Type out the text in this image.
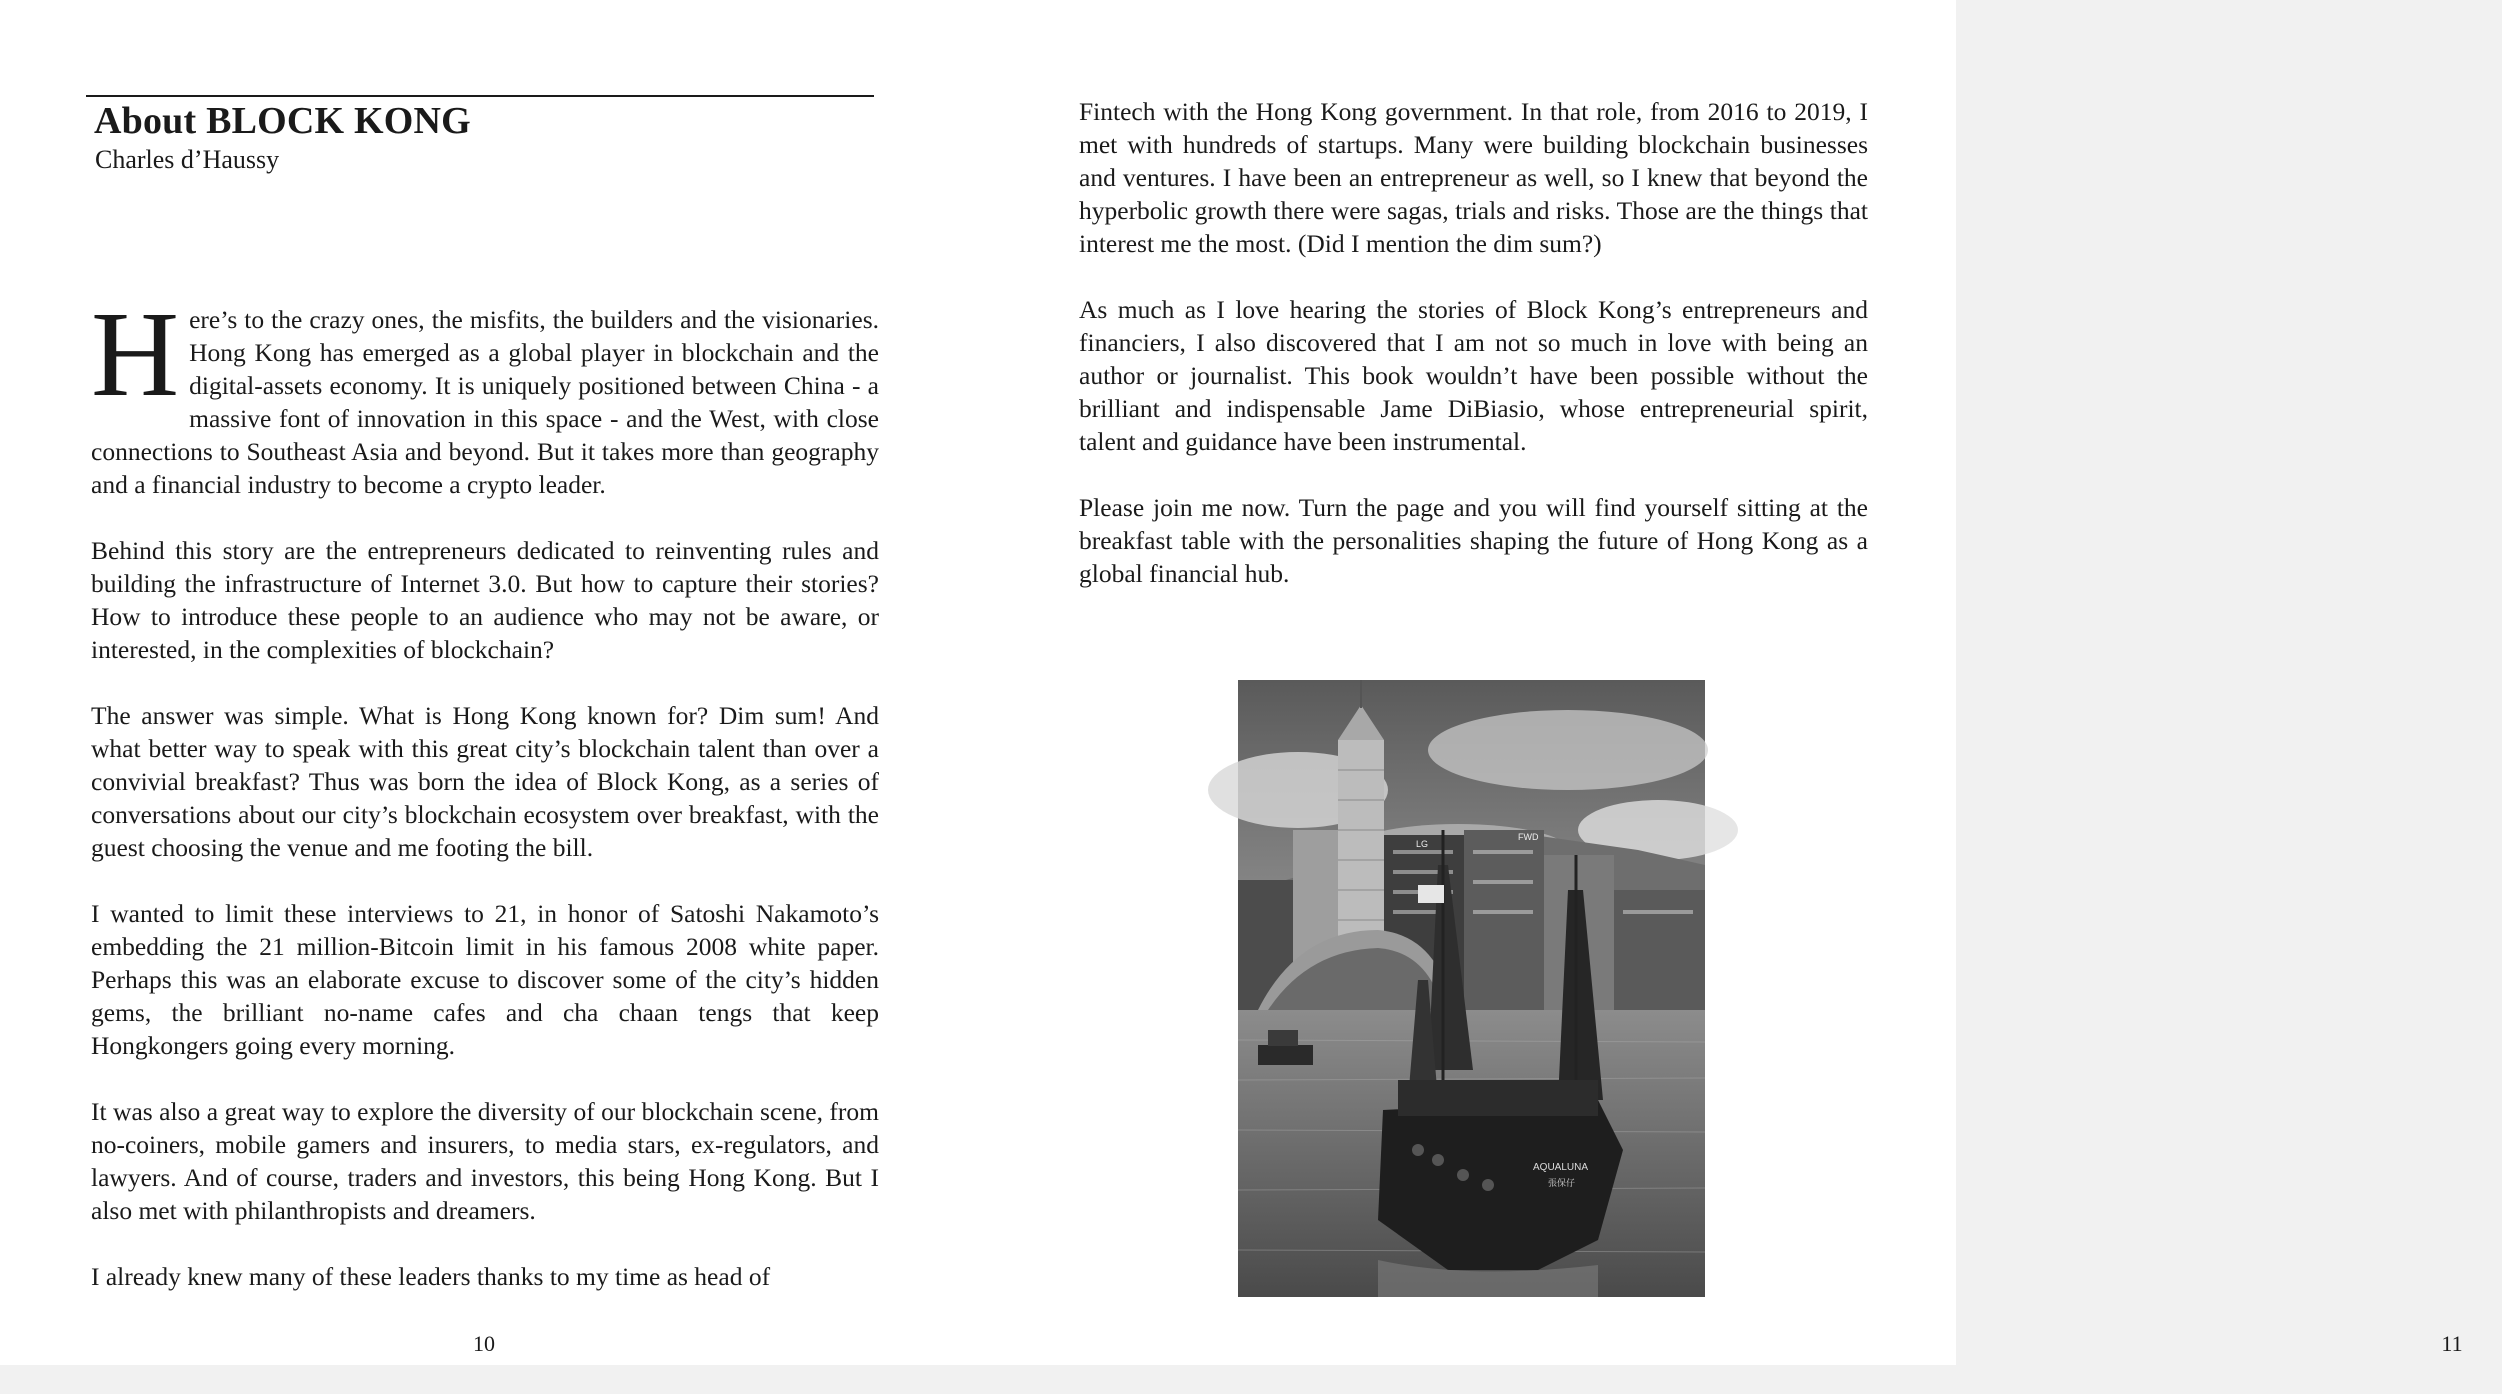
About BLOCK KONG
Charles d’Haussy

Here’s to the crazy ones, the misfits, the builders and the visionaries. Hong Kong has emerged as a global player in blockchain and the digital-assets economy. It is uniquely positioned between China - a massive font of innovation in this space - and the West, with close connections to Southeast Asia and beyond. But it takes more than geography and a financial industry to become a crypto leader.

Behind this story are the entrepreneurs dedicated to reinventing rules and building the infrastructure of Internet 3.0. But how to capture their stories? How to introduce these people to an audience who may not be aware, or interested, in the complexities of blockchain?

The answer was simple. What is Hong Kong known for? Dim sum! And what better way to speak with this great city’s blockchain talent than over a convivial breakfast? Thus was born the idea of Block Kong, as a series of conversations about our city’s blockchain ecosystem over breakfast, with the guest choosing the venue and me footing the bill.

I wanted to limit these interviews to 21, in honor of Satoshi Nakamoto’s embedding the 21 million-Bitcoin limit in his famous 2008 white paper. Perhaps this was an elaborate excuse to discover some of the city’s hidden gems, the brilliant no-name cafes and cha chaan tengs that keep Hongkongers going every morning.

It was also a great way to explore the diversity of our blockchain scene, from no-coiners, mobile gamers and insurers, to media stars, ex-regulators, and lawyers. And of course, traders and investors, this being Hong Kong. But I also met with philanthropists and dreamers.

I already knew many of these leaders thanks to my time as head of

10

Fintech with the Hong Kong government. In that role, from 2016 to 2019, I met with hundreds of startups. Many were building blockchain businesses and ventures. I have been an entrepreneur as well, so I knew that beyond the hyperbolic growth there were sagas, trials and risks. Those are the things that interest me the most. (Did I mention the dim sum?)

As much as I love hearing the stories of Block Kong’s entrepreneurs and financiers, I also discovered that I am not so much in love with being an author or journalist. This book wouldn’t have been possible without the brilliant and indispensable Jame DiBiasio, whose entrepreneurial spirit, talent and guidance have been instrumental.

Please join me now. Turn the page and you will find yourself sitting at the breakfast table with the personalities shaping the future of Hong Kong as a global financial hub.

LG
FWD
AQUALUNA
張保仔
11
